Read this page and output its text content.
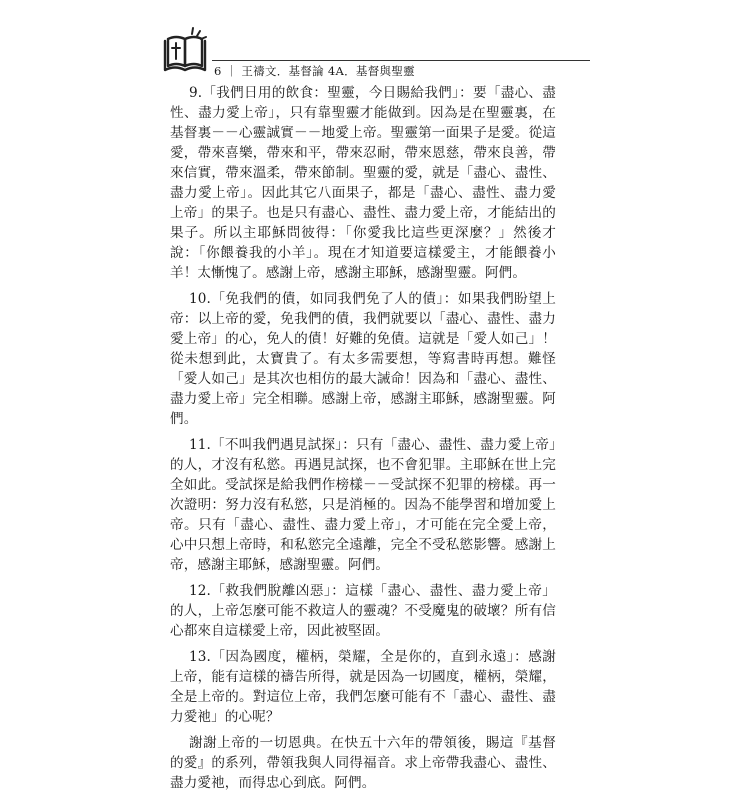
6 ｜ 王禱文．基督論 4A．基督與聖靈

9.「我們日用的飲食：聖靈，今日賜給我們」：要「盡心、盡性、盡力愛上帝」，只有靠聖靈才能做到。因為是在聖靈裏，在基督裏－－心靈誠實－－地愛上帝。聖靈第一面果子是愛。從這愛，帶來喜樂，帶來和平，帶來忍耐，帶來恩慈，帶來良善，帶來信實，帶來溫柔，帶來節制。聖靈的愛，就是「盡心、盡性、盡力愛上帝」。因此其它八面果子，都是「盡心、盡性、盡力愛上帝」的果子。也是只有盡心、盡性、盡力愛上帝，才能結出的果子。所以主耶穌問彼得：「你愛我比這些更深麼？」然後才說：「你餵養我的小羊」。現在才知道要這樣愛主，才能餵養小羊！太慚愧了。感謝上帝，感謝主耶穌，感謝聖靈。阿們。

10.「免我們的債，如同我們免了人的債」：如果我們盼望上帝：以上帝的愛，免我們的債，我們就要以「盡心、盡性、盡力愛上帝」的心，免人的債！好難的免債。這就是「愛人如己」！從未想到此，太寶貴了。有太多需要想，等寫書時再想。難怪「愛人如己」是其次也相仿的最大誡命！因為和「盡心、盡性、盡力愛上帝」完全相聯。感謝上帝，感謝主耶穌，感謝聖靈。阿們。

11.「不叫我們遇見試探」：只有「盡心、盡性、盡力愛上帝」的人，才沒有私慾。再遇見試探，也不會犯罪。主耶穌在世上完全如此。受試探是給我們作榜樣－－受試探不犯罪的榜樣。再一次證明：努力沒有私慾，只是消極的。因為不能學習和增加愛上帝。只有「盡心、盡性、盡力愛上帝」，才可能在完全愛上帝，心中只想上帝時，和私慾完全遠離，完全不受私慾影響。感謝上帝，感謝主耶穌，感謝聖靈。阿們。

12.「救我們脫離凶惡」：這樣「盡心、盡性、盡力愛上帝」的人，上帝怎麼可能不救這人的靈魂？不受魔鬼的破壞？所有信心都來自這樣愛上帝，因此被堅固。

13.「因為國度，權柄，榮耀，全是你的，直到永遠」：感謝上帝，能有這樣的禱告所得，就是因為一切國度，權柄，榮耀，全是上帝的。對這位上帝，我們怎麼可能有不「盡心、盡性、盡力愛祂」的心呢？

謝謝上帝的一切恩典。在快五十六年的帶領後，賜這『基督的愛』的系列，帶領我與人同得福音。求上帝帶我盡心、盡性、盡力愛祂，而得忠心到底。阿們。
